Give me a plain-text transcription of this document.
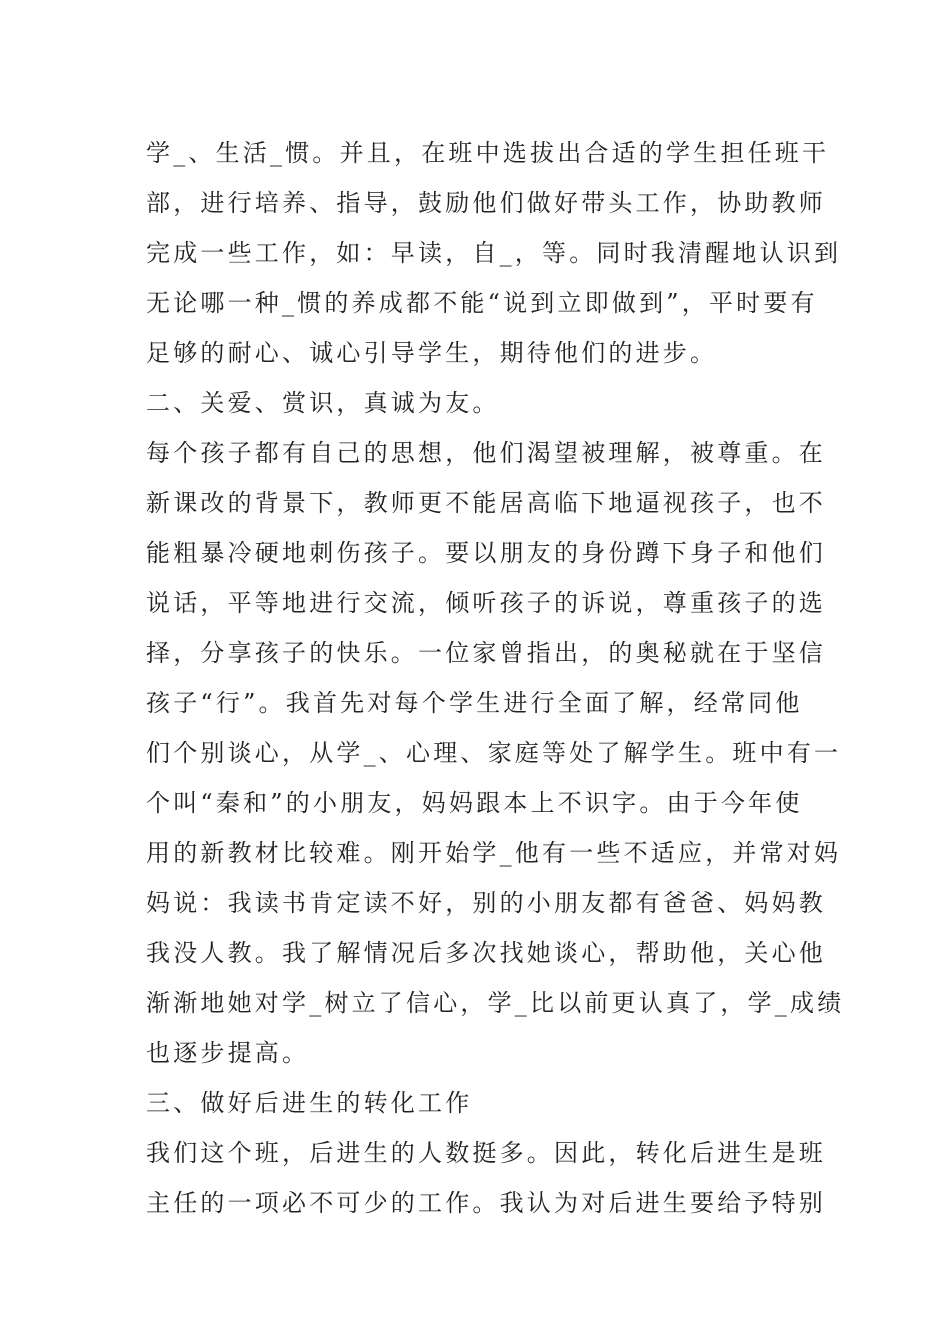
学_、生活_惯。并且，在班中选拔出合适的学生担任班干
部，进行培养、指导，鼓励他们做好带头工作，协助教师
完成一些工作，如：早读，自_，等。同时我清醒地认识到
无论哪一种_惯的养成都不能“说到立即做到”，平时要有
足够的耐心、诚心引导学生，期待他们的进步。
二、关爱、赏识，真诚为友。
每个孩子都有自己的思想，他们渴望被理解，被尊重。在
新课改的背景下，教师更不能居高临下地逼视孩子，也不
能粗暴冷硬地刺伤孩子。要以朋友的身份蹲下身子和他们
说话，平等地进行交流，倾听孩子的诉说，尊重孩子的选
择，分享孩子的快乐。一位家曾指出，的奥秘就在于坚信
孩子“行”。我首先对每个学生进行全面了解，经常同他
们个别谈心，从学_、心理、家庭等处了解学生。班中有一
个叫“秦和”的小朋友，妈妈跟本上不识字。由于今年使
用的新教材比较难。刚开始学_他有一些不适应，并常对妈
妈说：我读书肯定读不好，别的小朋友都有爸爸、妈妈教
我没人教。我了解情况后多次找她谈心，帮助他，关心他
渐渐地她对学_树立了信心，学_比以前更认真了，学_成绩
也逐步提高。
三、做好后进生的转化工作
我们这个班，后进生的人数挺多。因此，转化后进生是班
主任的一项必不可少的工作。我认为对后进生要给予特别
